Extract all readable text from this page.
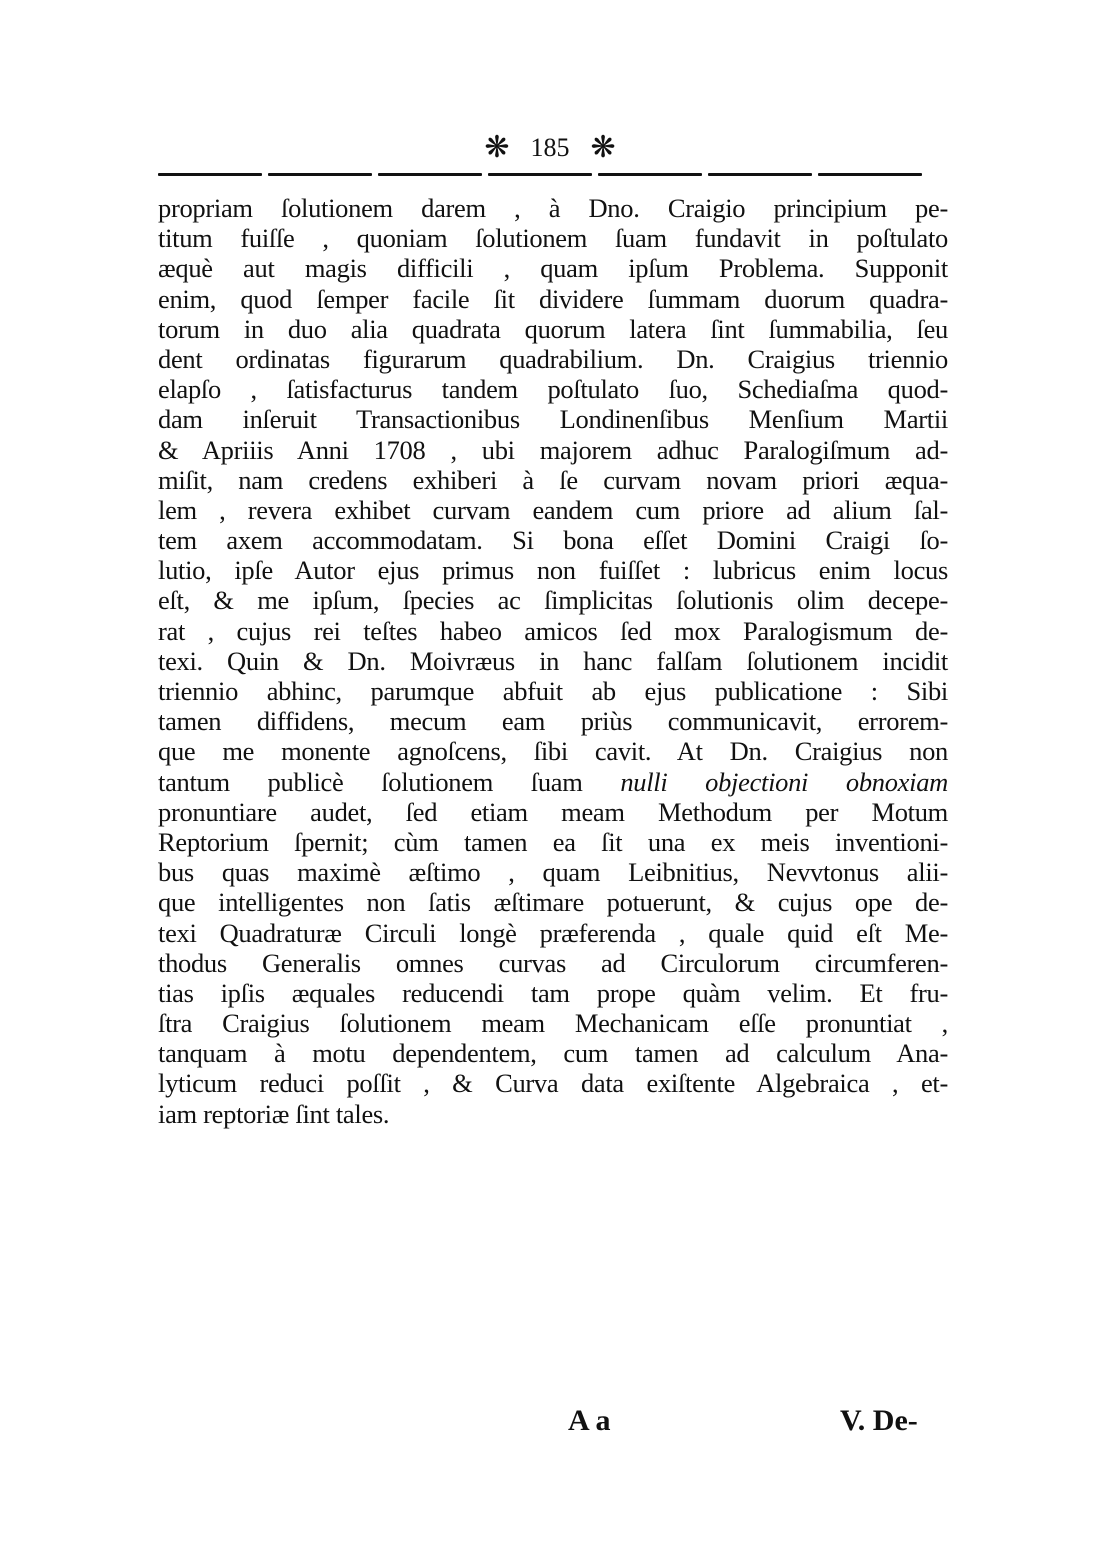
❋ 185 ❋
propriam ſolutionem darem , à Dno. Craigio principium pe-
titum fuiſſe , quoniam ſolutionem ſuam fundavit in poſtulato
æquè aut magis difficili , quam ipſum Problema. Supponit
enim, quod ſemper facile ſit dividere ſummam duorum quadra-
torum in duo alia quadrata quorum latera ſint ſummabilia, ſeu
dent ordinatas figurarum quadrabilium. Dn. Craigius triennio
elapſo , ſatisfacturus tandem poſtulato ſuo, Schediaſma quod-
dam inſeruit Transactionibus Londinenſibus Menſium Martii
& Apriiis Anni 1708 , ubi majorem adhuc Paralogiſmum ad-
miſit, nam credens exhiberi à ſe curvam novam priori æqua-
lem , revera exhibet curvam eandem cum priore ad alium ſal-
tem axem accommodatam. Si bona eſſet Domini Craigi ſo-
lutio, ipſe Autor ejus primus non fuiſſet : lubricus enim locus
eſt, & me ipſum, ſpecies ac ſimplicitas ſolutionis olim decepe-
rat , cujus rei teſtes habeo amicos ſed mox Paralogismum de-
texi. Quin & Dn. Moivræus in hanc falſam ſolutionem incidit
triennio abhinc, parumque abfuit ab ejus publicatione : Sibi
tamen diffidens, mecum eam priùs communicavit, errorem-
que me monente agnoſcens, ſibi cavit. At Dn. Craigius non
tantum publicè ſolutionem ſuam nulli objectioni obnoxiam
pronuntiare audet, ſed etiam meam Methodum per Motum
Reptorium ſpernit; cùm tamen ea ſit una ex meis inventioni-
bus quas maximè æſtimo , quam Leibnitius, Nevvtonus alii-
que intelligentes non ſatis æſtimare potuerunt, & cujus ope de-
texi Quadraturæ Circuli longè præferenda , quale quid eſt Me-
thodus Generalis omnes curvas ad Circulorum circumferen-
tias ipſis æquales reducendi tam prope quàm velim. Et fru-
ſtra Craigius ſolutionem meam Mechanicam eſſe pronuntiat ,
tanquam à motu dependentem, cum tamen ad calculum Ana-
lyticum reduci poſſit , & Curva data exiſtente Algebraica , et-
iam reptoriæ ſint tales.
A a	V. De-
